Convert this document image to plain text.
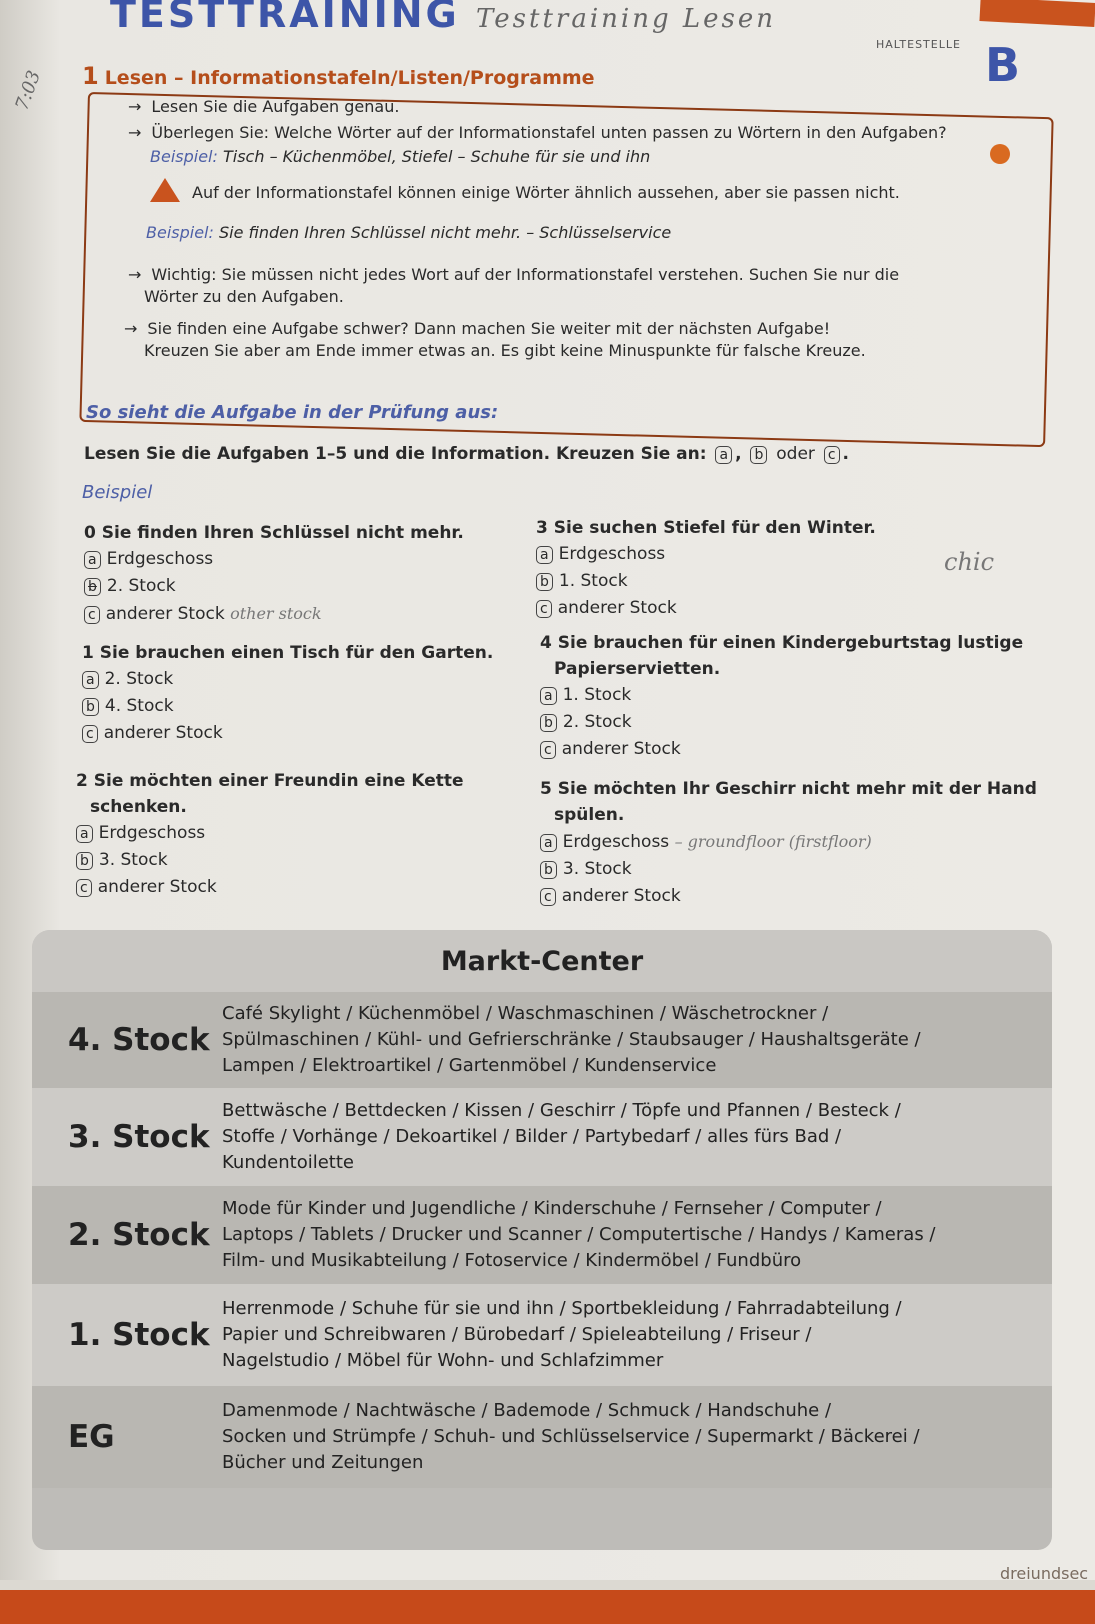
TESTTRAINING Testtraining Lesen
7:03
HALTESTELLE B
1 Lesen – Informationstafeln/Listen/Programme
→ Lesen Sie die Aufgaben genau.
→ Überlegen Sie: Welche Wörter auf der Informationstafel unten passen zu Wörtern in den Aufgaben?
Beispiel: Tisch – Küchenmöbel, Stiefel – Schuhe für sie und ihn
Auf der Informationstafel können einige Wörter ähnlich aussehen, aber sie passen nicht.
Beispiel: Sie finden Ihren Schlüssel nicht mehr. – Schlüsselservice
→ Wichtig: Sie müssen nicht jedes Wort auf der Informationstafel verstehen. Suchen Sie nur die
Wörter zu den Aufgaben.
→ Sie finden eine Aufgabe schwer? Dann machen Sie weiter mit der nächsten Aufgabe!
Kreuzen Sie aber am Ende immer etwas an. Es gibt keine Minuspunkte für falsche Kreuze.
So sieht die Aufgabe in der Prüfung aus:
Lesen Sie die Aufgaben 1–5 und die Information. Kreuzen Sie an: a , b oder c .
Beispiel
0 Sie finden Ihren Schlüssel nicht mehr.
a Erdgeschoss
b 2. Stock
c anderer Stock other stock
1 Sie brauchen einen Tisch für den Garten.
a 2. Stock
b 4. Stock
c anderer Stock
2 Sie möchten einer Freundin eine Kette
schenken.
a Erdgeschoss
b 3. Stock
c anderer Stock
3 Sie suchen Stiefel für den Winter.
a Erdgeschoss
b 1. Stock
c anderer Stock
4 Sie brauchen für einen Kindergeburtstag lustige
Papierservietten.
a 1. Stock
b 2. Stock
c anderer Stock
5 Sie möchten Ihr Geschirr nicht mehr mit der Hand
spülen.
a Erdgeschoss – groundfloor (firstfloor)
b 3. Stock
c anderer Stock
Markt-Center
4. Stock
Café Skylight / Küchenmöbel / Waschmaschinen / Wäschetrockner /
Spülmaschinen / Kühl- und Gefrierschränke / Staubsauger / Haushaltsgeräte /
Lampen / Elektroartikel / Gartenmöbel / Kundenservice
3. Stock
Bettwäsche / Bettdecken / Kissen / Geschirr / Töpfe und Pfannen / Besteck /
Stoffe / Vorhänge / Dekoartikel / Bilder / Partybedarf / alles fürs Bad /
Kundentoilette
2. Stock
Mode für Kinder und Jugendliche / Kinderschuhe / Fernseher / Computer /
Laptops / Tablets / Drucker und Scanner / Computertische / Handys / Kameras /
Film- und Musikabteilung / Fotoservice / Kindermöbel / Fundbüro
1. Stock
Herrenmode / Schuhe für sie und ihn / Sportbekleidung / Fahrradabteilung /
Papier und Schreibwaren / Bürobedarf / Spieleabteilung / Friseur /
Nagelstudio / Möbel für Wohn- und Schlafzimmer
EG
Damenmode / Nachtwäsche / Bademode / Schmuck / Handschuhe /
Socken und Strümpfe / Schuh- und Schlüsselservice / Supermarkt / Bäckerei /
Bücher und Zeitungen
dreiundsec
chic
